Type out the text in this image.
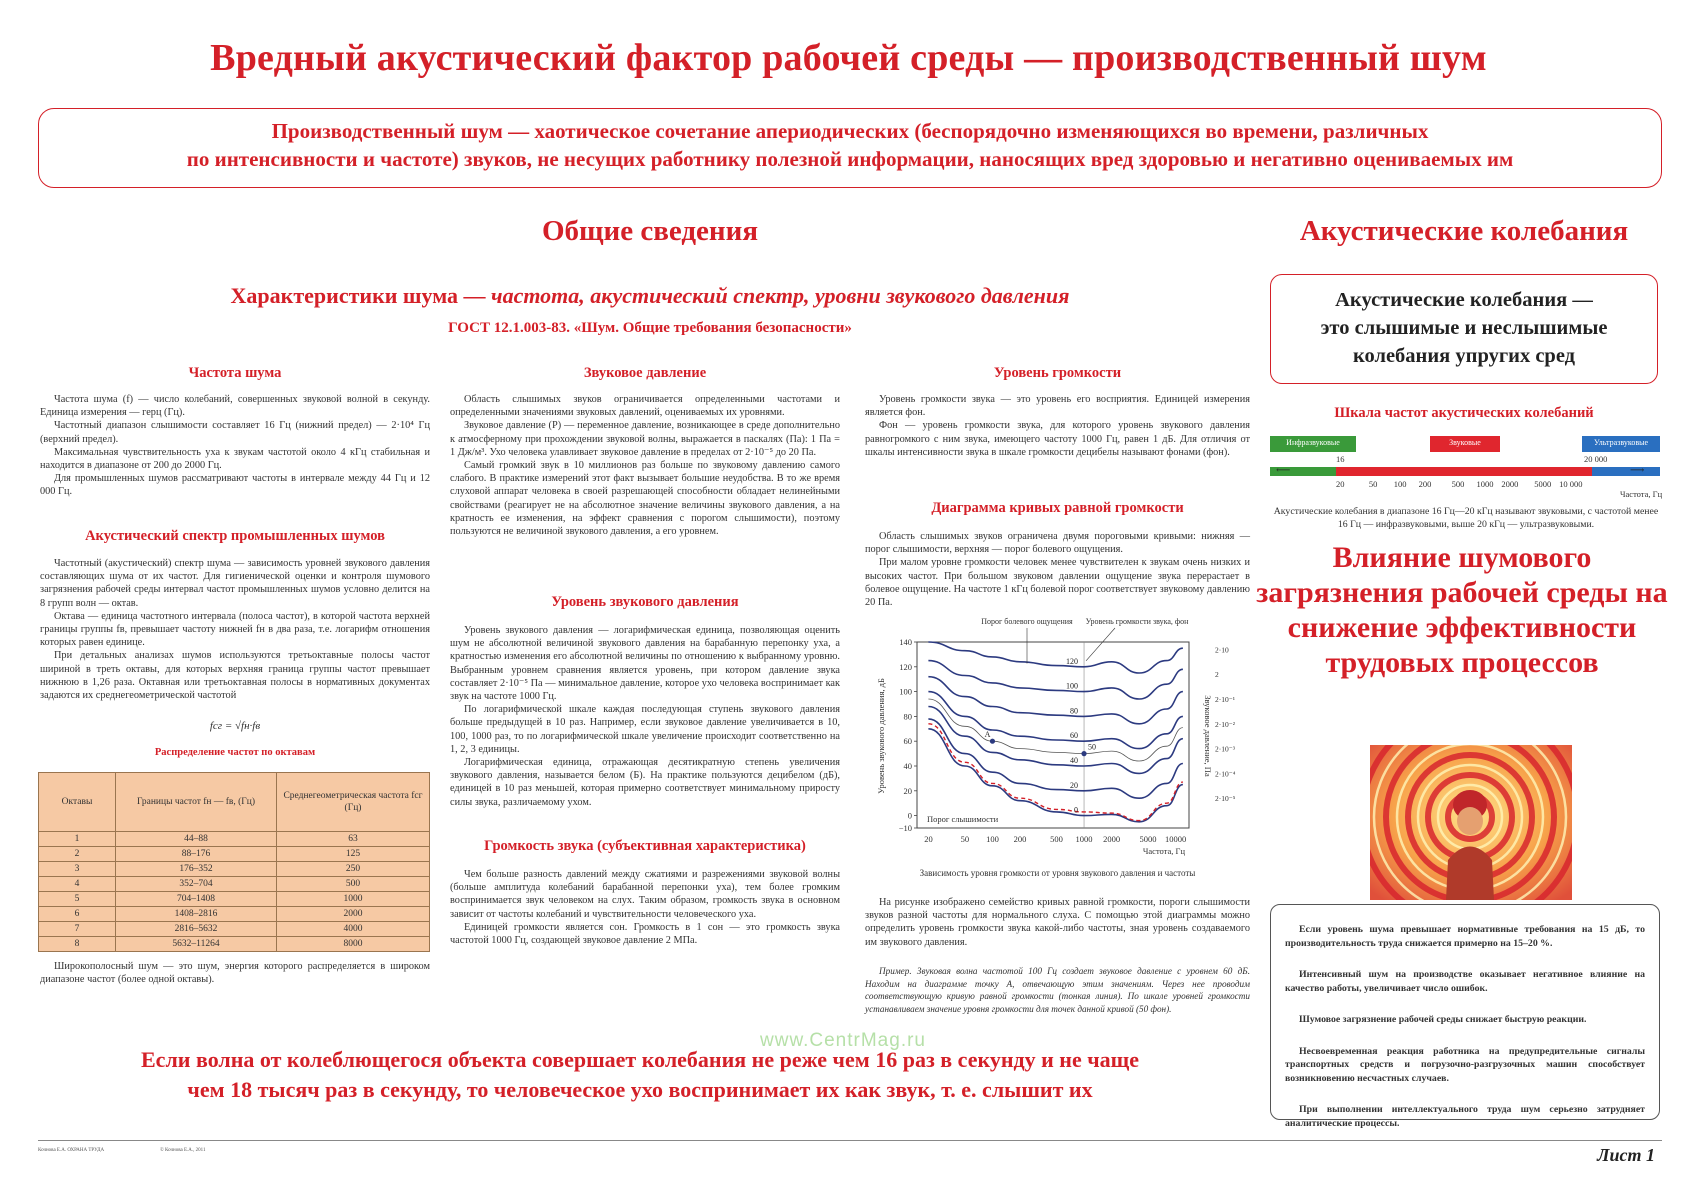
Вредный акустический фактор рабочей среды — производственный шум
Производственный шум — хаотическое сочетание апериодических (беспорядочно изменяющихся во времени, различных
по интенсивности и частоте) звуков, не несущих работнику полезной информации, наносящих вред здоровью и негативно оцениваемых им
Общие сведения
Характеристики шума — частота, акустический спектр, уровни звукового давления
ГОСТ 12.1.003-83. «Шум. Общие требования безопасности»
Частота шума

Частота шума (f) — число колебаний, совершенных звуковой волной в секунду. Единица измерения — герц (Гц).

Частотный диапазон слышимости составляет 16 Гц (нижний предел) — 2·10⁴ Гц (верхний предел).

Максимальная чувствительность уха к звукам частотой около 4 кГц стабильная и находится в диапазоне от 200 до 2000 Гц.

Для промышленных шумов рассматривают частоты в интервале между 44 Гц и 12 000 Гц.

Акустический спектр промышленных шумов

Частотный (акустический) спектр шума — зависимость уровней звукового давления составляющих шума от их частот. Для гигиенической оценки и контроля шумового загрязнения рабочей среды интервал частот промышленных шумов условно делится на 8 групп волн — октав.

Октава — единица частотного интервала (полоса частот), в которой частота верхней границы группы fв, превышает частоту нижней fн в два раза, т.е. логарифм отношения которых равен единице.

При детальных анализах шумов используются третьоктавные полосы частот шириной в треть октавы, для которых верхняя граница группы частот превышает нижнюю в 1,26 раза. Октавная или третьоктавная полосы в нормативных документах задаются их среднегеометрической частотой

fсг = √fн·fв
Распределение частот по октавам
Октавы	Границы частот fн — fв, (Гц)	Среднегеометрическая частота fсг (Гц)
1	44–88	63
2	88–176	125
3	176–352	250
4	352–704	500
5	704–1408	1000
6	1408–2816	2000
7	2816–5632	4000
8	5632–11264	8000

Широкополосный шум — это шум, энергия которого распределяется в широком диапазоне частот (более одной октавы).

Звуковое давление

Область слышимых звуков ограничивается определенными частотами и определенными значениями звуковых давлений, оцениваемых их уровнями.

Звуковое давление (P) — переменное давление, возникающее в среде дополнительно к атмосферному при прохождении звуковой волны, выражается в паскалях (Па): 1 Па = 1 Дж/м³. Ухо человека улавливает звуковое давление в пределах от 2·10⁻⁵ до 20 Па.

Самый громкий звук в 10 миллионов раз больше по звуковому давлению самого слабого. В практике измерений этот факт вызывает большие неудобства. В то же время слуховой аппарат человека в своей разрешающей способности обладает нелинейными свойствами (реагирует не на абсолютное значение величины звукового давления, а на кратность ее изменения, на эффект сравнения с порогом слышимости), поэтому пользуются не величиной звукового давления, а его уровнем.

Уровень звукового давления

Уровень звукового давления — логарифмическая единица, позволяющая оценить шум не абсолютной величиной звукового давления на барабанную перепонку уха, а кратностью изменения его абсолютной величины по отношению к выбранному уровню. Выбранным уровнем сравнения является уровень, при котором давление звука составляет 2·10⁻⁵ Па — минимальное давление, которое ухо человека воспринимает как звук на частоте 1000 Гц.

По логарифмической шкале каждая последующая ступень звукового давления больше предыдущей в 10 раз. Например, если звуковое давление увеличивается в 10, 100, 1000 раз, то по логарифмической шкале увеличение происходит соответственно на 1, 2, 3 единицы.

Логарифмическая единица, отражающая десятикратную степень увеличения звукового давления, называется белом (Б). На практике пользуются децибелом (дБ), единицей в 10 раз меньшей, которая примерно соответствует минимальному приросту силы звука, различаемому ухом.

Громкость звука (субъективная характеристика)

Чем больше разность давлений между сжатиями и разрежениями звуковой волны (больше амплитуда колебаний барабанной перепонки уха), тем более громким воспринимается звук человеком на слух. Таким образом, громкость звука в основном зависит от частоты колебаний и чувствительности человеческого уха.

Единицей громкости является сон. Громкость в 1 сон — это громкость звука частотой 1000 Гц, создающей звуковое давление 2 МПа.

Уровень громкости

Уровень громкости звука — это уровень его восприятия. Единицей измерения является фон.

Фон — уровень громкости звука, для которого уровень звукового давления равногромкого с ним звука, имеющего частоту 1000 Гц, равен 1 дБ. Для отличия от шкалы интенсивности звука в шкале громкости децибелы называют фонами (фон).

Диаграмма кривых равной громкости

Область слышимых звуков ограничена двумя пороговыми кривыми: нижняя — порог слышимости, верхняя — порог болевого ощущения.

При малом уровне громкости человек менее чувствителен к звукам очень низких и высоких частот. При большом звуковом давлении ощущение звука перерастает в болевое ощущение. На частоте 1 кГц болевой порог соответствует звуковому давлению 20 Па.

140
120
100
80
60
40
20
0
−10
2·10
2
2·10⁻¹
2·10⁻²
2·10⁻³
2·10⁻⁴
2·10⁻⁵
20	50 100 200	500 1000 2000 5000 10000
120
100
80
60
40
20
0
A
50
Уровень звукового давления, дБ	Звуковое давление, Па
Частота, Гц
Порог болевого ощущения Уровень громкости звука, фон
Порог слышимости
Зависимость уровня громкости от уровня звукового давления и частоты

На рисунке изображено семейство кривых равной громкости, пороги слышимости звуков разной частоты для нормального слуха. С помощью этой диаграммы можно определить уровень громкости звука какой-либо частоты, зная уровень создаваемого им звукового давления.

Пример. Звуковая волна частотой 100 Гц создает звуковое давление с уровнем 60 дБ. Находим на диаграмме точку А, отвечающую этим значениям. Через нее проводим соответствующую кривую равной громкости (тонкая линия). По шкале уровней громкости устанавливаем значение уровня громкости для точек данной кривой (50 фон).

Акустические колебания
Акустические колебания —
это слышимые и неслышимые
колебания упругих сред
Шкала частот акустических колебаний
Инфразвуковые	Звуковые	Ультразвуковые
16	20 000
⟵	⟶
20	50 100 200 500 1000 2000 5000 10 000
Частота, Гц
Акустические колебания в диапазоне 16 Гц—20 кГц называют звуковыми, с частотой менее 16 Гц — инфразвуковыми, выше 20 кГц — ультразвуковыми.
Влияние шумового загрязнения рабочей среды на снижение эффективности трудовых процессов

Если уровень шума превышает нормативные требования на 15 дБ, то производительность труда снижается примерно на 15–20 %.

Интенсивный шум на производстве оказывает негативное влияние на качество работы, увеличивает число ошибок.

Шумовое загрязнение рабочей среды снижает быструю реакции.

Несвоевременная реакция работника на предупредительные сигналы транспортных средств и погрузочно-разгрузочных машин способствует возникновению несчастных случаев.

При выполнении интеллектуального труда шум серьезно затрудняет аналитические процессы.

Если волна от колеблющегося объекта совершает колебания не реже чем 16 раз в секунду и не чаще
чем 18 тысяч раз в секунду, то человеческое ухо воспринимает их как звук, т. е. слышит их
www.CentrMag.ru
Кочнова Е.А. ОХРАНА ТРУДА	© Кочнова Е.А., 2011	Лист 1
